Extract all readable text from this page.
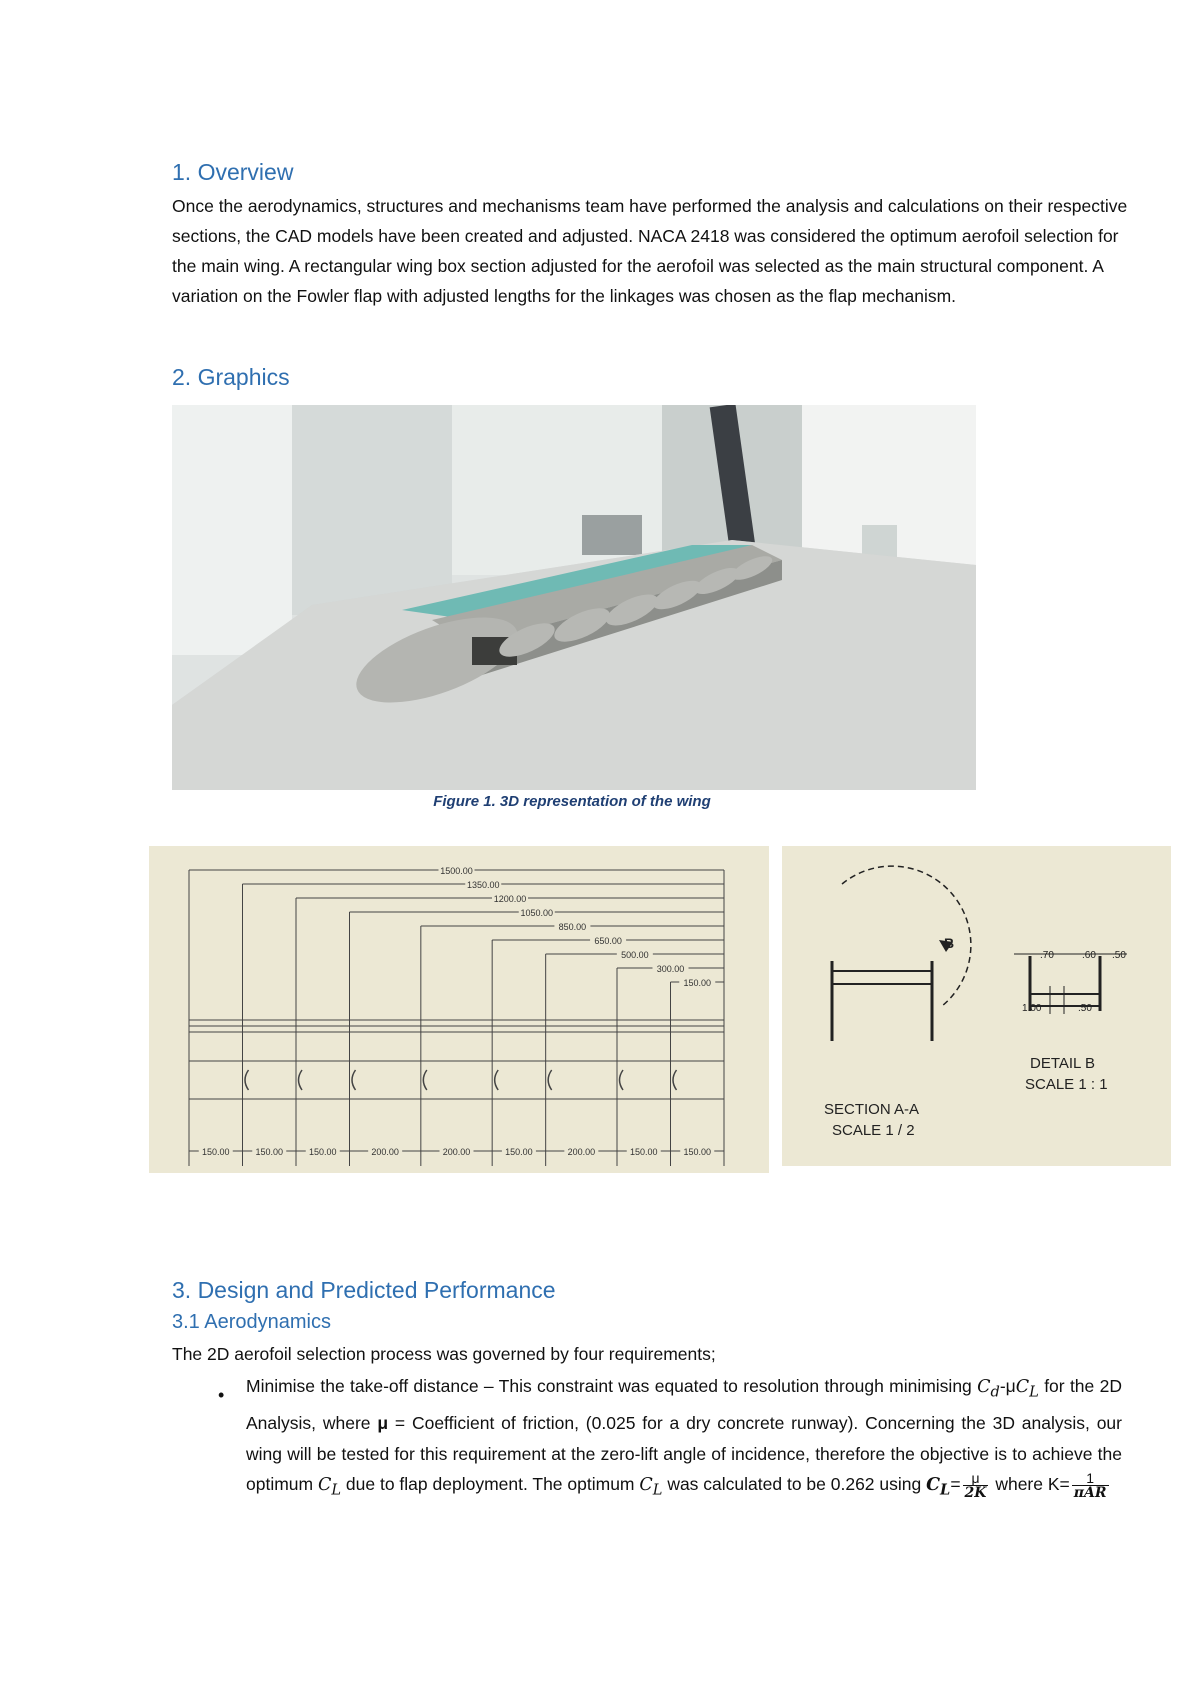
1. Overview

Once the aerodynamics, structures and mechanisms team have performed the analysis and calculations on their respective sections, the CAD models have been created and adjusted. NACA 2418 was considered the optimum aerofoil selection for the main wing. A rectangular wing box section adjusted for the aerofoil was selected as the main structural component. A variation on the Fowler flap with adjusted lengths for the linkages was chosen as the flap mechanism.

2. Graphics
Figure 1. 3D representation of the wing
1500.00
1350.00
1200.00
1050.00
850.00
650.00
500.00
300.00
150.00
150.00	150.00	150.00	200.00	200.00	150.00	200.00	150.00	150.00
B
.70	.60 .50
1.00	.50
DETAIL B
SCALE 1 : 1
SECTION A-A
SCALE 1 / 2
3. Design and Predicted Performance
3.1 Aerodynamics

The 2D aerofoil selection process was governed by four requirements;

• Minimise the take-off distance – This constraint was equated to resolution through minimising $C_d-\mu C_L$ for the 2D Analysis, where μ = Coefficient of friction, (0.025 for a dry concrete runway). Concerning the 3D analysis, our wing will be tested for this requirement at the zero-lift angle of incidence, therefore the objective is to achieve the optimum $C_L$ due to flap deployment. The optimum $C_L$ was calculated to be 0.262 using $C_L= \frac{\mu}{2K}$ where $K= \frac{1}{\text{πAR}}$
